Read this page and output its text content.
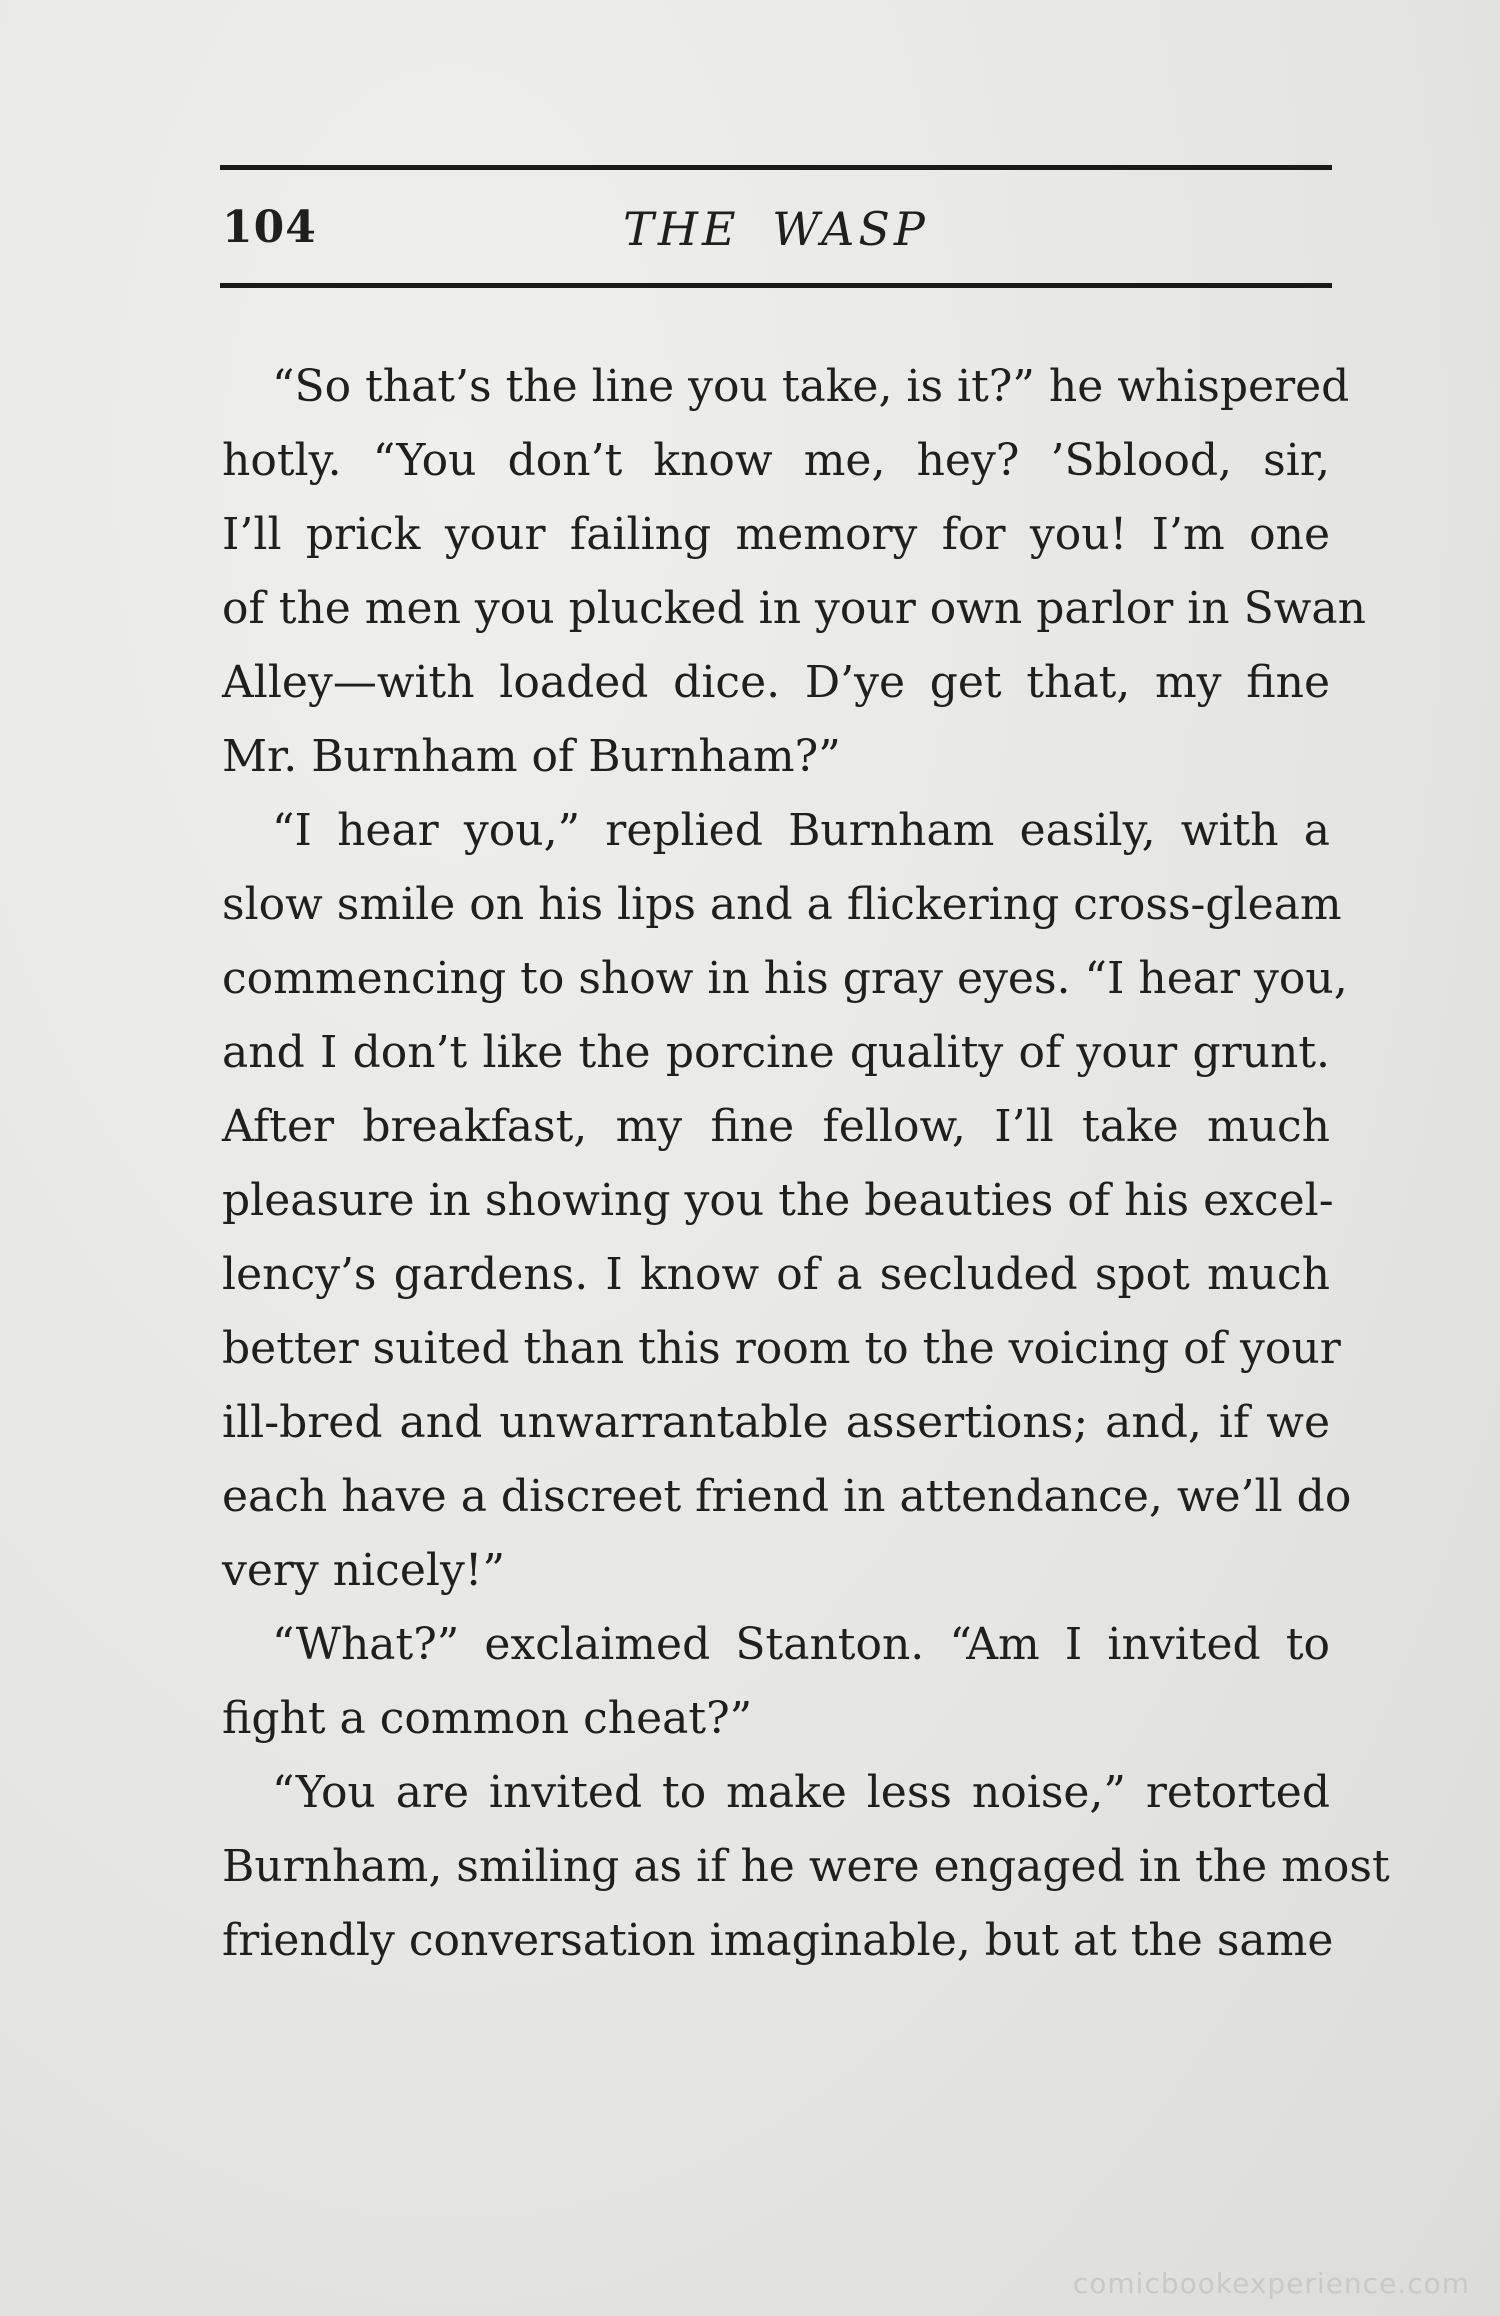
104	THE WASP
“So that’s the line you take, is it?” he whispered
hotly. “You don’t know me, hey? ’Sblood, sir,
I’ll prick your failing memory for you! I’m one
of the men you plucked in your own parlor in Swan
Alley—with loaded dice. D’ye get that, my fine
Mr. Burnham of Burnham?”
“I hear you,” replied Burnham easily, with a
slow smile on his lips and a flickering cross-gleam
commencing to show in his gray eyes. “I hear you,
and I don’t like the porcine quality of your grunt.
After breakfast, my fine fellow, I’ll take much
pleasure in showing you the beauties of his excel-
lency’s gardens. I know of a secluded spot much
better suited than this room to the voicing of your
ill-bred and unwarrantable assertions; and, if we
each have a discreet friend in attendance, we’ll do
very nicely!”
“What?” exclaimed Stanton. “Am I invited to
fight a common cheat?”
“You are invited to make less noise,” retorted
Burnham, smiling as if he were engaged in the most
friendly conversation imaginable, but at the same
comicbookexperience.com
